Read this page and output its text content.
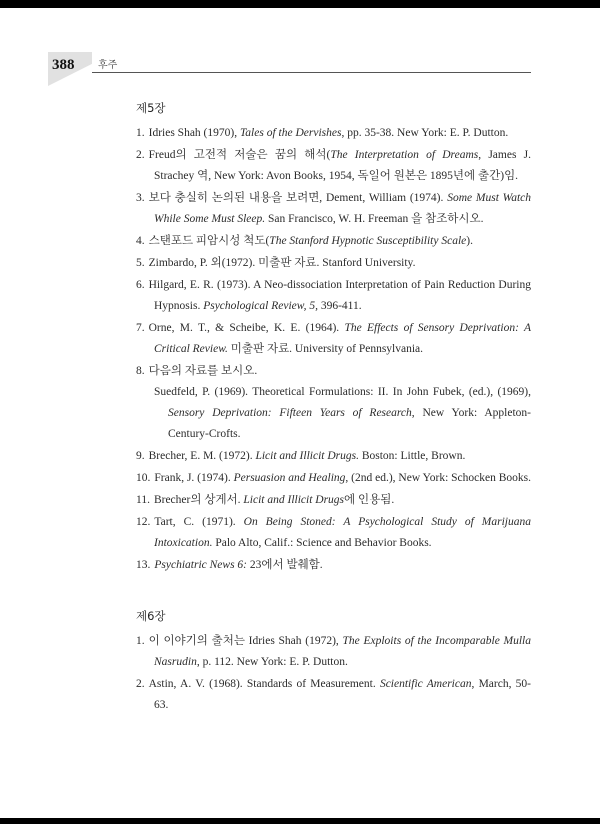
388 후주
제5장
1. Idries Shah (1970), Tales of the Dervishes, pp. 35-38. New York: E. P. Dutton.
2. Freud의 고전적 저술은 꿈의 해석(The Interpretation of Dreams, James J. Strachey 역, New York: Avon Books, 1954, 독일어 원본은 1895년에 출간)임.
3. 보다 충실히 논의된 내용을 보려면, Dement, William (1974). Some Must Watch While Some Must Sleep. San Francisco, W. H. Freeman 을 참조하시오.
4. 스탠포드 피암시성 척도(The Stanford Hypnotic Susceptibility Scale).
5. Zimbardo, P. 외(1972). 미출판 자료. Stanford University.
6. Hilgard, E. R. (1973). A Neo-dissociation Interpretation of Pain Reduction During Hypnosis. Psychological Review, 5, 396-411.
7. Orne, M. T., & Scheibe, K. E. (1964). The Effects of Sensory Deprivation: A Critical Review. 미출판 자료. University of Pennsylvania.
8. 다음의 자료를 보시오.
Suedfeld, P. (1969). Theoretical Formulations: II. In John Fubek, (ed.), (1969), Sensory Deprivation: Fifteen Years of Research, New York: Appleton- Century-Crofts.
9. Brecher, E. M. (1972). Licit and Illicit Drugs. Boston: Little, Brown.
10. Frank, J. (1974). Persuasion and Healing, (2nd ed.), New York: Schocken Books.
11. Brecher의 상게서. Licit and Illicit Drugs에 인용됨.
12. Tart, C. (1971). On Being Stoned: A Psychological Study of Marijuana Intoxication. Palo Alto, Calif.: Science and Behavior Books.
13. Psychiatric News 6: 23에서 발췌함.
제6장
1. 이 이야기의 출처는 Idries Shah (1972), The Exploits of the Incomparable Mulla Nasrudin, p. 112. New York: E. P. Dutton.
2. Astin, A. V. (1968). Standards of Measurement. Scientific American, March, 50-63.
